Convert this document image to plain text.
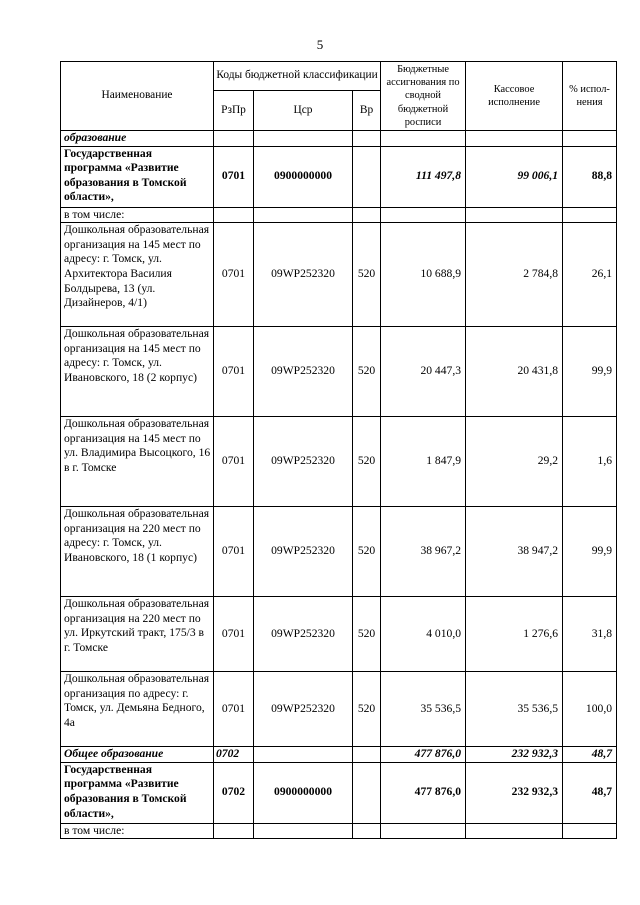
5
Наименование	Коды бюджетной классификации			Бюджетные ассигнования по сводной бюджетной росписи	Кассовое исполнение	% испол-нения
	РзПр	Цср	Вр			
образование						
Государственная программа «Развитие образования в Томской области»,	0701	0900000000		111 497,8	99 006,1	88,8
в том числе:						
Дошкольная образовательная организация на 145 мест по адресу: г. Томск, ул. Архитектора Василия Болдырева, 13 (ул. Дизайнеров, 4/1)	0701	09WP252320	520	10 688,9	2 784,8	26,1
Дошкольная образовательная организация на 145 мест по адресу: г. Томск, ул. Ивановского, 18 (2 корпус)	0701	09WP252320	520	20 447,3	20 431,8	99,9
Дошкольная образовательная организация на 145 мест по ул. Владимира Высоцкого, 16 в г. Томске	0701	09WP252320	520	1 847,9	29,2	1,6
Дошкольная образовательная организация на 220 мест по адресу: г. Томск, ул. Ивановского, 18 (1 корпус)	0701	09WP252320	520	38 967,2	38 947,2	99,9
Дошкольная образовательная организация на 220 мест по ул. Иркутский тракт, 175/3 в г. Томске	0701	09WP252320	520	4 010,0	1 276,6	31,8
Дошкольная образовательная организация по адресу: г. Томск, ул. Демьяна Бедного, 4а	0701	09WP252320	520	35 536,5	35 536,5	100,0
Общее образование	0702			477 876,0	232 932,3	48,7
Государственная программа «Развитие образования в Томской области»,	0702	0900000000		477 876,0	232 932,3	48,7
в том числе:						
